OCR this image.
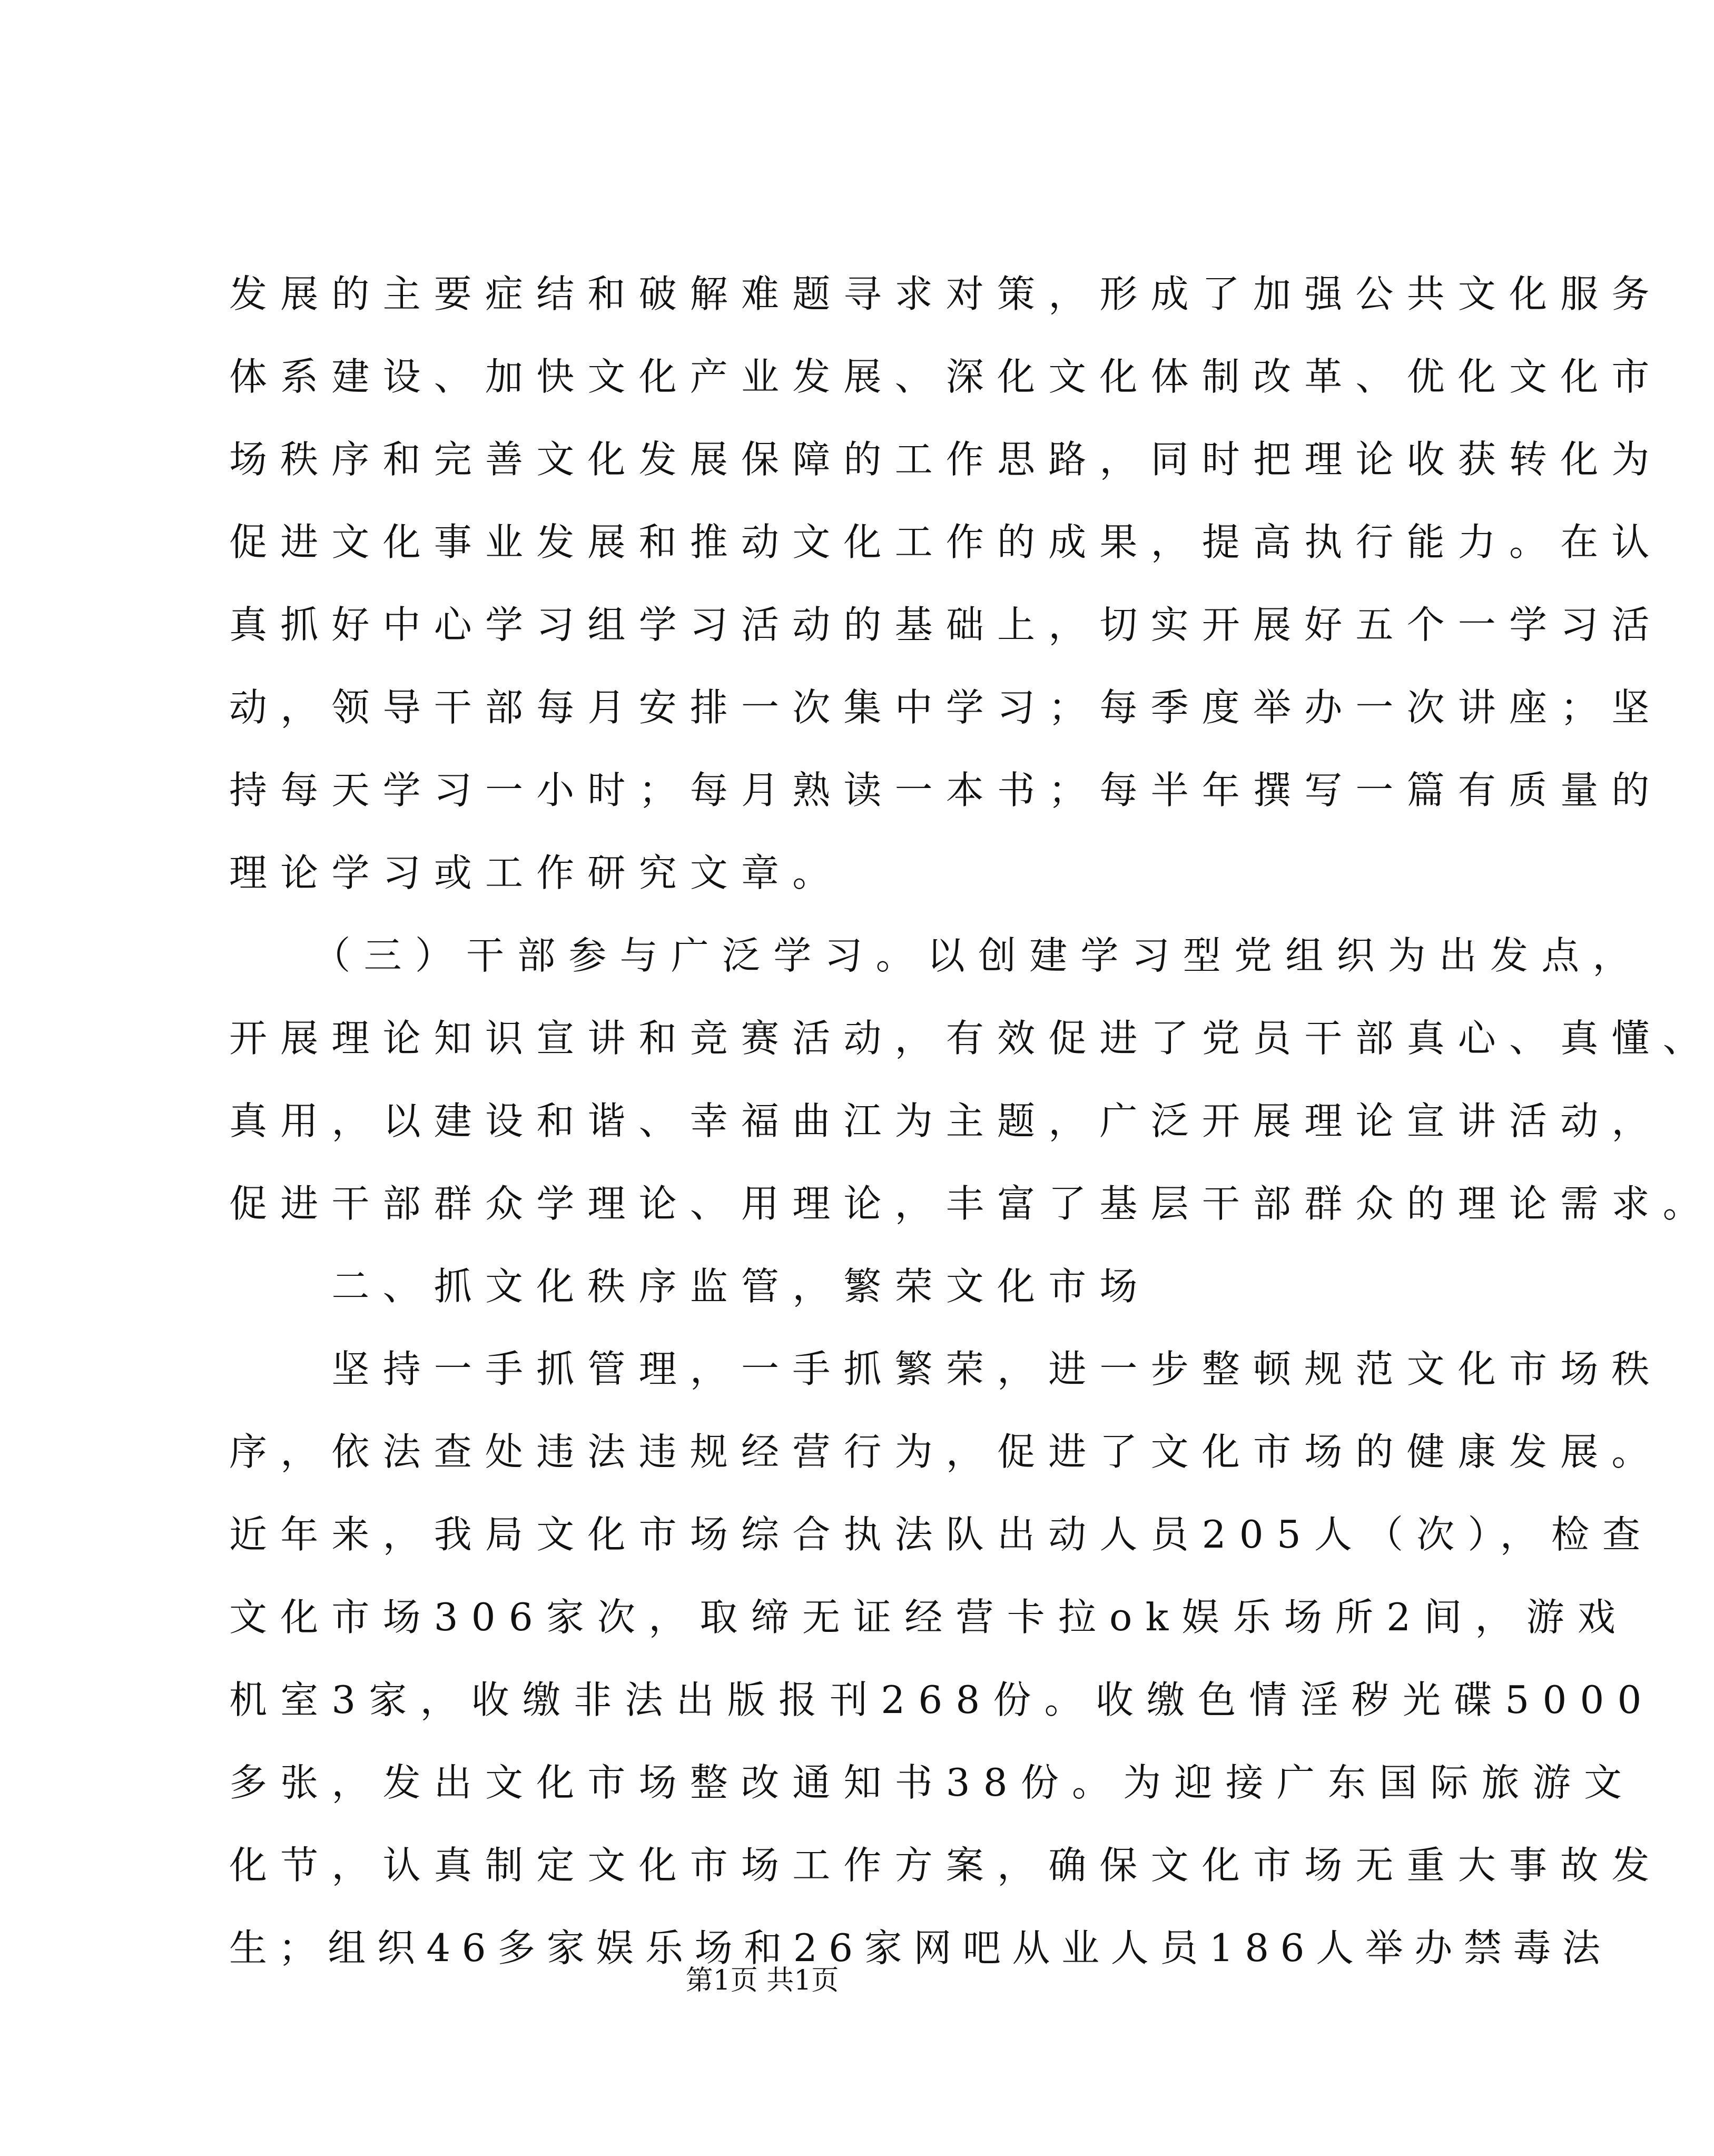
发展的主要症结和破解难题寻求对策，形成了加强公共文化服务
体系建设、加快文化产业发展、深化文化体制改革、优化文化市
场秩序和完善文化发展保障的工作思路，同时把理论收获转化为
促进文化事业发展和推动文化工作的成果，提高执行能力。在认
真抓好中心学习组学习活动的基础上，切实开展好五个一学习活
动，领导干部每月安排一次集中学习；每季度举办一次讲座；坚
持每天学习一小时；每月熟读一本书；每半年撰写一篇有质量的
理论学习或工作研究文章。
　　（三）干部参与广泛学习。以创建学习型党组织为出发点，
开展理论知识宣讲和竞赛活动，有效促进了党员干部真心、真懂、
真用，以建设和谐、幸福曲江为主题，广泛开展理论宣讲活动，
促进干部群众学理论、用理论，丰富了基层干部群众的理论需求。
　　二、抓文化秩序监管，繁荣文化市场
　　坚持一手抓管理，一手抓繁荣，进一步整顿规范文化市场秩
序，依法查处违法违规经营行为，促进了文化市场的健康发展。
近年来，我局文化市场综合执法队出动人员205人（次），检查
文化市场306家次，取缔无证经营卡拉ok娱乐场所2间，游戏
机室3家，收缴非法出版报刊268份。收缴色情淫秽光碟5000
多张，发出文化市场整改通知书38份。为迎接广东国际旅游文
化节，认真制定文化市场工作方案，确保文化市场无重大事故发
生；组织46多家娱乐场和26家网吧从业人员186人举办禁毒法
第1页 共1页
